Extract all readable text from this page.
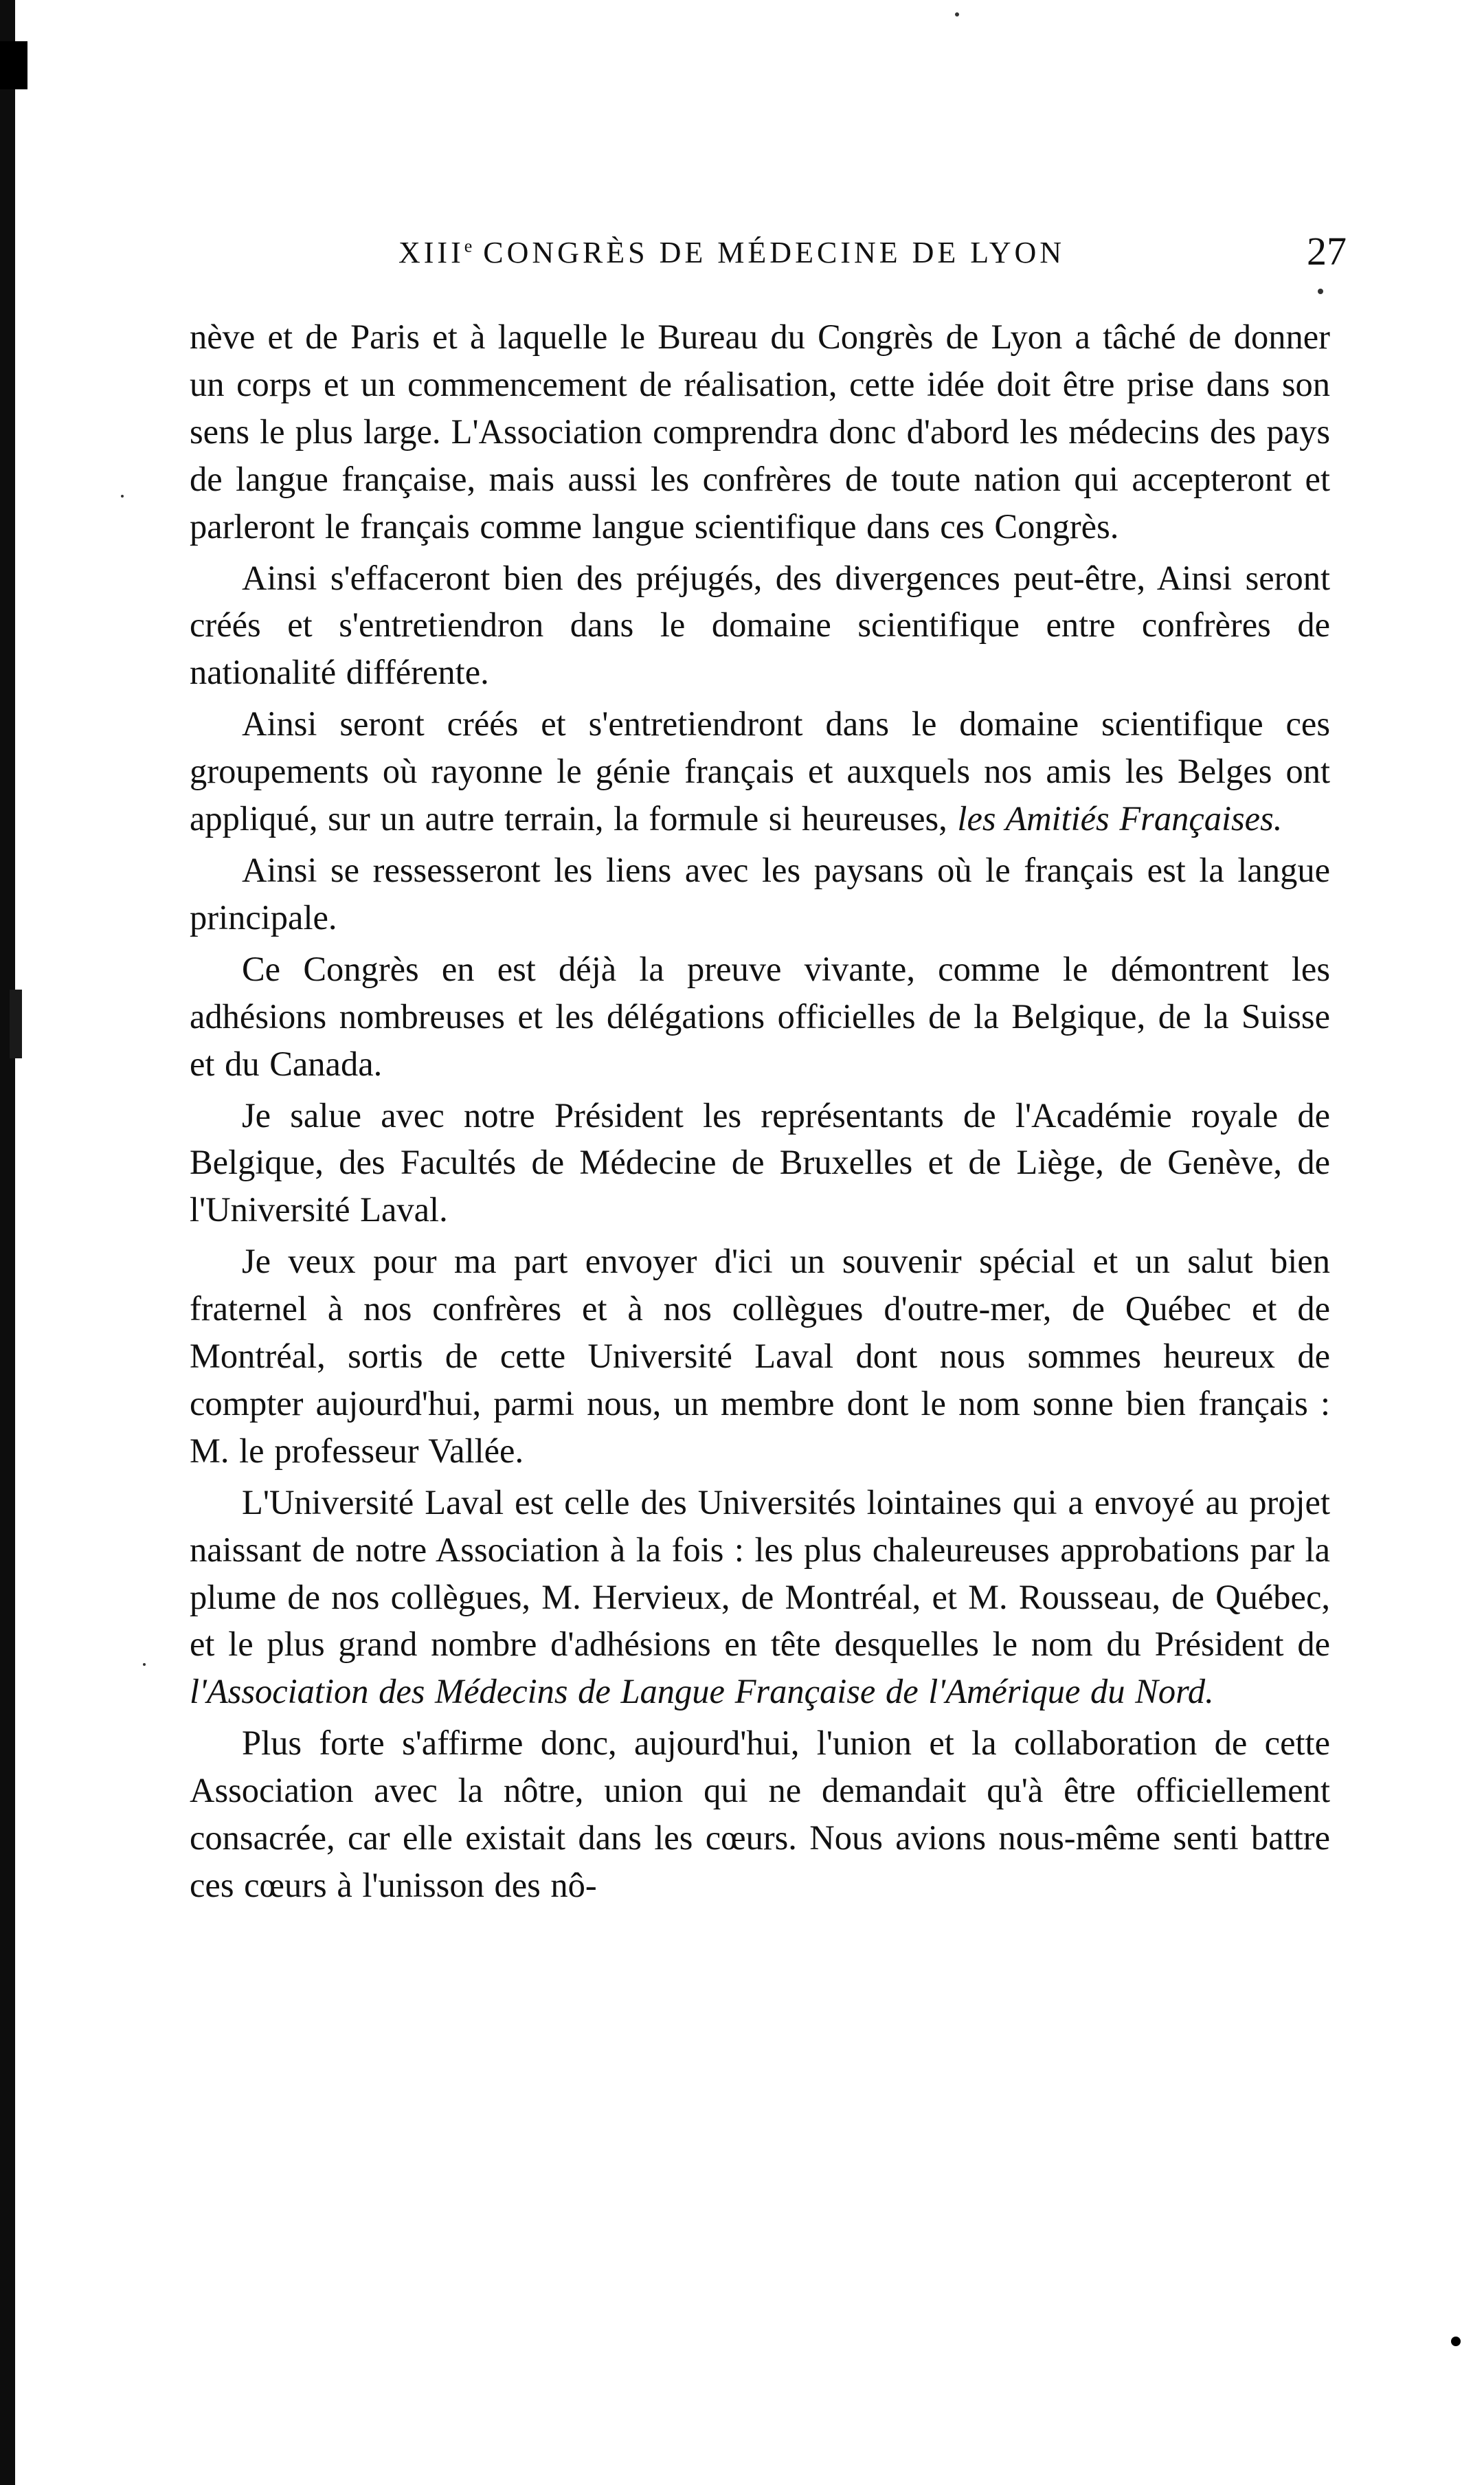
XIIIe CONGRÈS DE MÉDECINE DE LYON	27

nève et de Paris et à laquelle le Bureau du Congrès de Lyon a tâché de donner un corps et un commencement de réalisation, cette idée doit être prise dans son sens le plus large. L'Association comprendra donc d'abord les médecins des pays de langue française, mais aussi les confrères de toute nation qui accepteront et parleront le français comme langue scientifique dans ces Congrès.

Ainsi s'effaceront bien des préjugés, des divergences peut-être, Ainsi seront créés et s'entretiendron dans le domaine scientifique entre confrères de nationalité différente.

Ainsi seront créés et s'entretiendront dans le domaine scientifique ces groupements où rayonne le génie français et auxquels nos amis les Belges ont appliqué, sur un autre terrain, la formule si heureuses, les Amitiés Françaises.

Ainsi se ressesseront les liens avec les paysans où le français est la langue principale.

Ce Congrès en est déjà la preuve vivante, comme le démontrent les adhésions nombreuses et les délégations officielles de la Belgique, de la Suisse et du Canada.

Je salue avec notre Président les représentants de l'Académie royale de Belgique, des Facultés de Médecine de Bruxelles et de Liège, de Genève, de l'Université Laval.

Je veux pour ma part envoyer d'ici un souvenir spécial et un salut bien fraternel à nos confrères et à nos collègues d'outre-mer, de Québec et de Montréal, sortis de cette Université Laval dont nous sommes heureux de compter aujourd'hui, parmi nous, un membre dont le nom sonne bien français : M. le professeur Vallée.

L'Université Laval est celle des Universités lointaines qui a envoyé au projet naissant de notre Association à la fois : les plus chaleureuses approbations par la plume de nos collègues, M. Hervieux, de Montréal, et M. Rousseau, de Québec, et le plus grand nombre d'adhésions en tête desquelles le nom du Président de l'Association des Médecins de Langue Française de l'Amérique du Nord.

Plus forte s'affirme donc, aujourd'hui, l'union et la collaboration de cette Association avec la nôtre, union qui ne demandait qu'à être officiellement consacrée, car elle existait dans les cœurs. Nous avions nous-même senti battre ces cœurs à l'unisson des nô-
